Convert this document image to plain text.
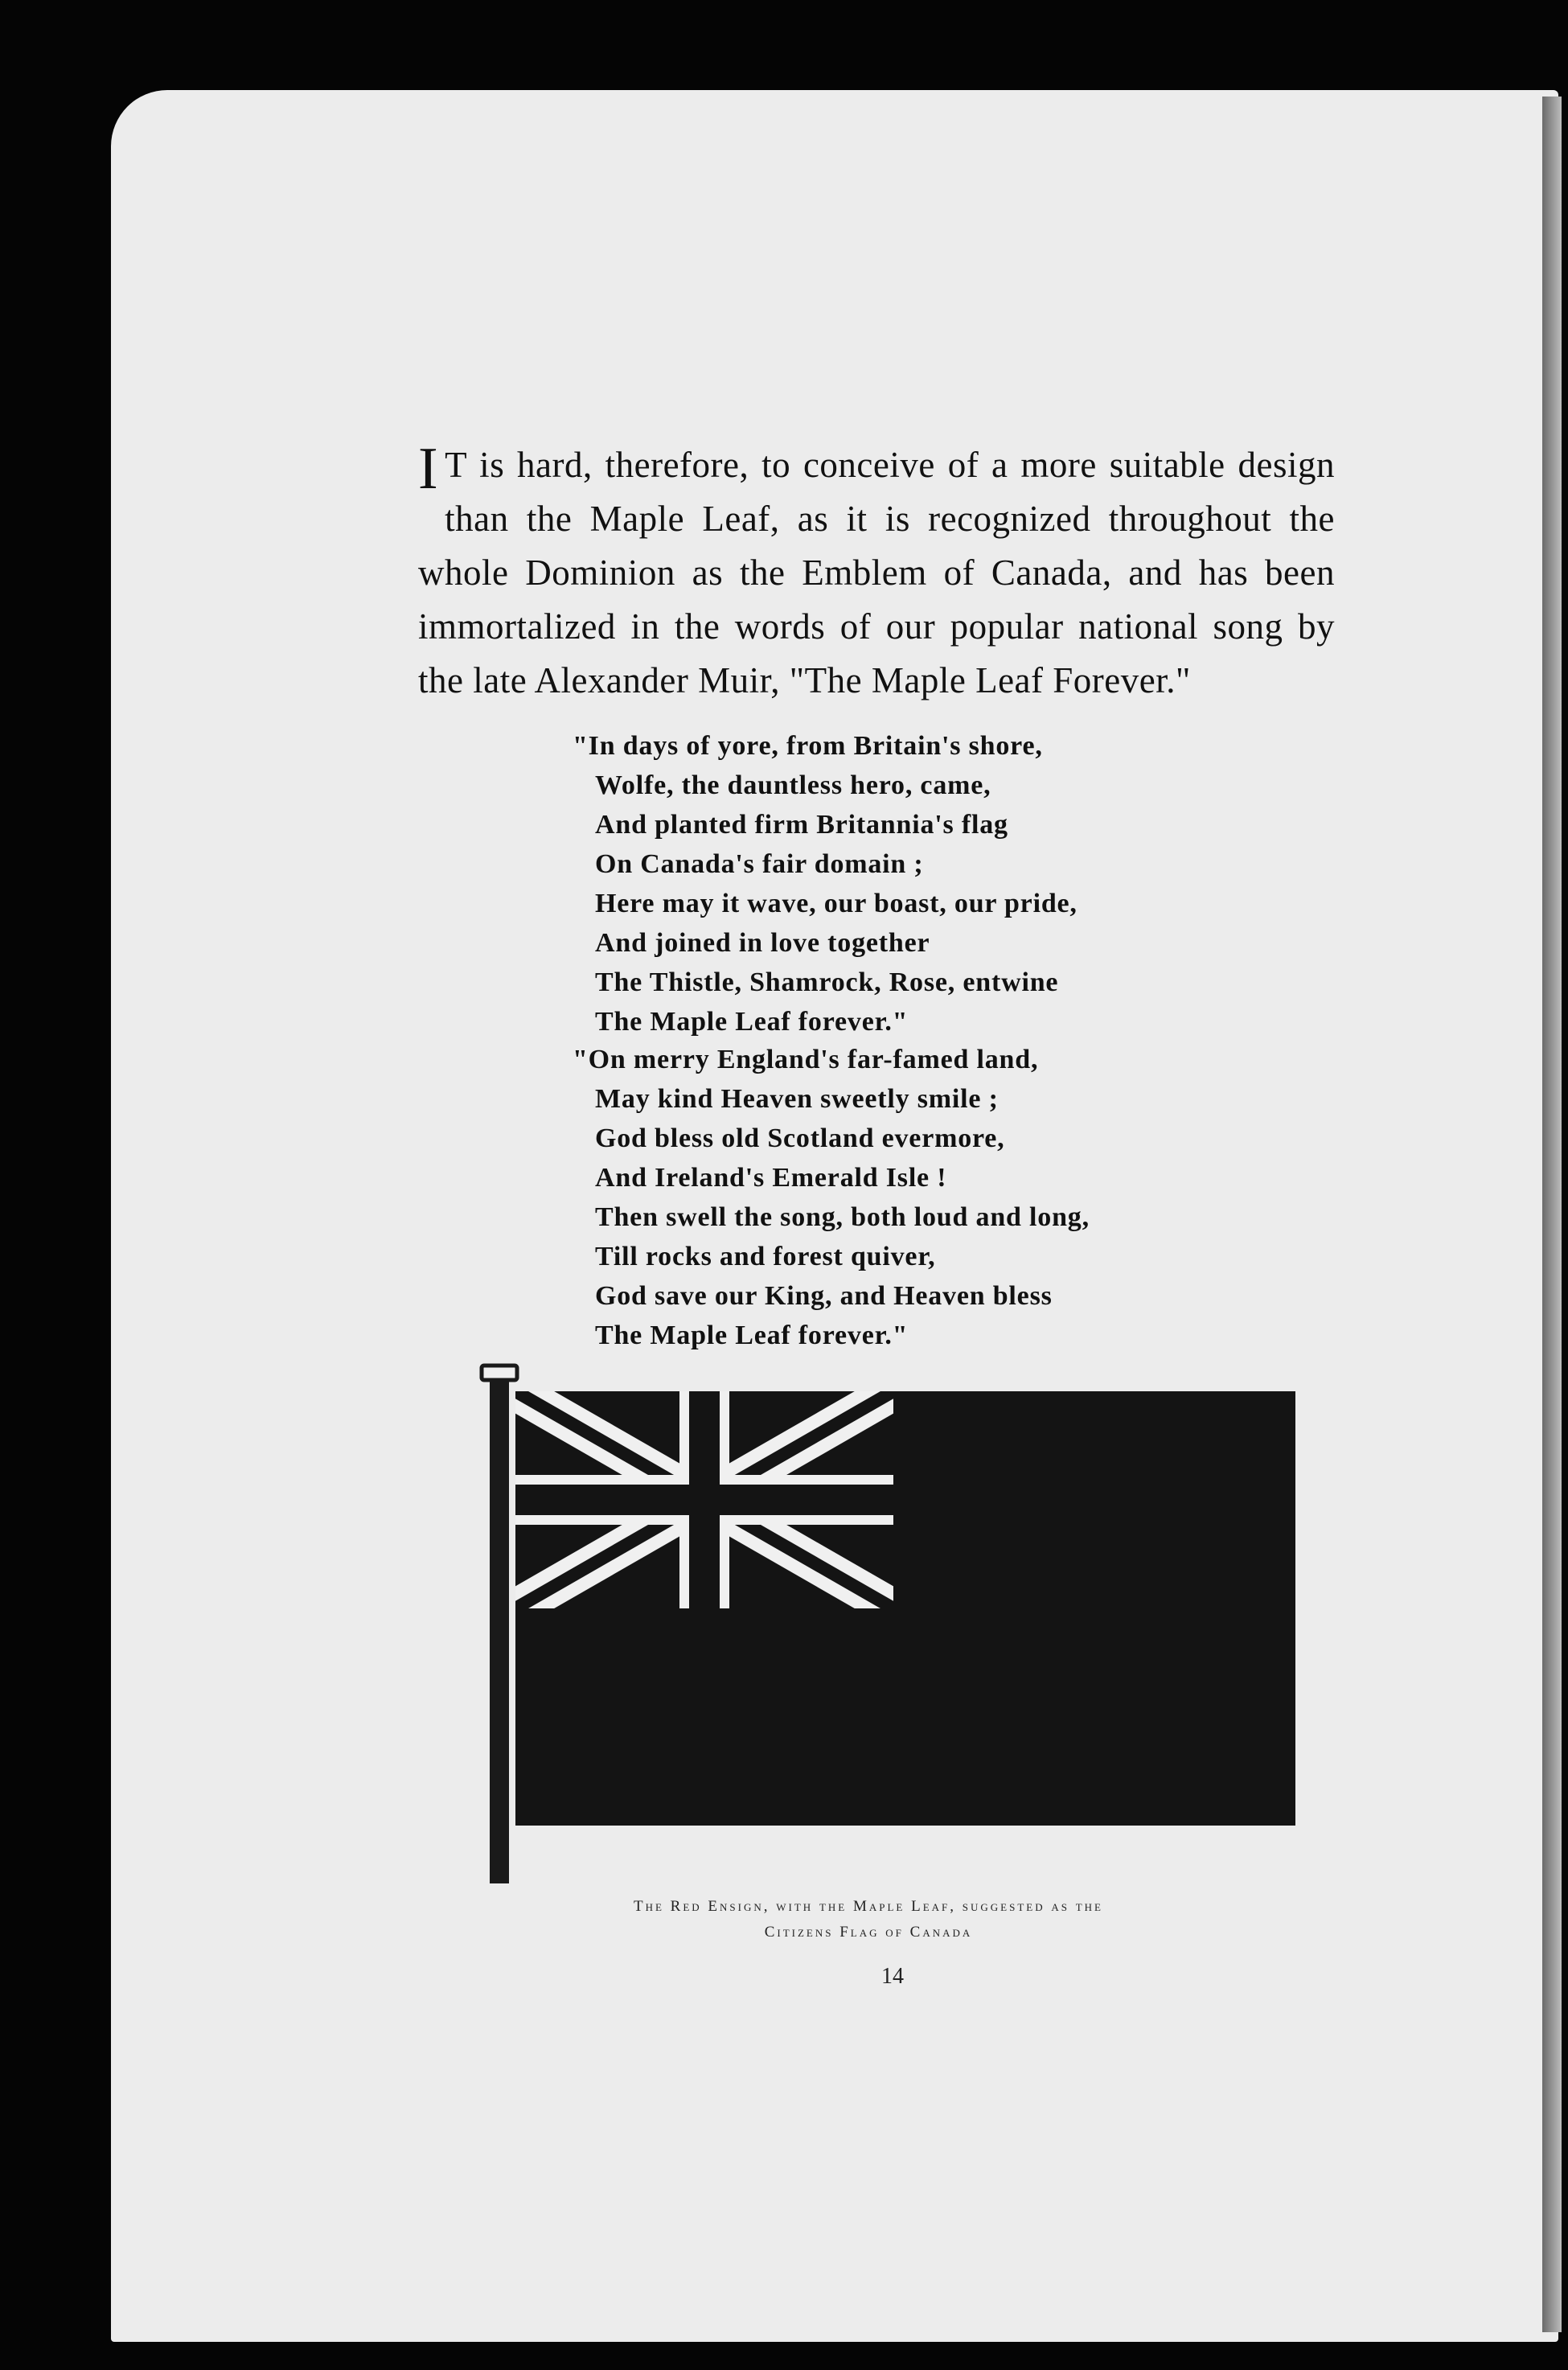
I T is hard, therefore, to conceive of a more suitable design than the Maple Leaf, as it is recognized throughout the whole Dominion as the Emblem of Canada, and has been immortalized in the words of our popular national song by the late Alexander Muir, "The Maple Leaf Forever."

"In days of yore, from Britain's shore,
Wolfe, the dauntless hero, came,
And planted firm Britannia's flag
On Canada's fair domain ;
Here may it wave, our boast, our pride,
And joined in love together
The Thistle, Shamrock, Rose, entwine
The Maple Leaf forever."
"On merry England's far-famed land,
May kind Heaven sweetly smile ;
God bless old Scotland evermore,
And Ireland's Emerald Isle !
Then swell the song, both loud and long,
Till rocks and forest quiver,
God save our King, and Heaven bless
The Maple Leaf forever."
The Red Ensign, with the Maple Leaf, suggested as the
Citizens Flag of Canada
14
